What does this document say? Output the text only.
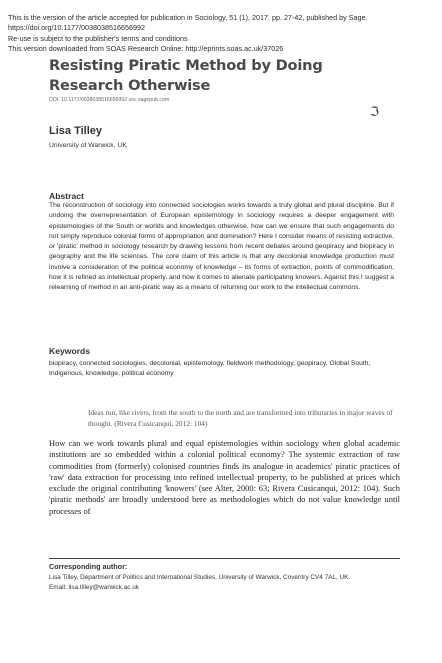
This is the version of the article accepted for publication in Sociology, 51 (1), 2017. pp. 27-42, published by Sage.
https://doi.org/10.1177/0038038516656992
Re-use is subject to the publisher's terms and conditions
This version downloaded from SOAS Research Online: http://eprints.soas.ac.uk/37026
Resisting Piratic Method by Doing Research Otherwise
DOI: 10.1177/0038038516656992 soc.sagepub.com
ℑ
Lisa Tilley
University of Warwick, UK
Abstract
The reconstruction of sociology into connected sociologies works towards a truly global and plural discipline. But if undoing the overrepresentation of European epistemology in sociology requires a deeper engagement with epistemologies of the South or worlds and knowledges otherwise, how can we ensure that such engagements do not simply reproduce colonial forms of appropriation and domination? Here I consider means of resisting extractive, or 'piratic' method in sociology research by drawing lessons from recent debates around geopiracy and biopiracy in geography and the life sciences. The core claim of this article is that any decolonial knowledge production must involve a consideration of the political economy of knowledge – its forms of extraction, points of commodification, how it is refined as intellectual property, and how it comes to alienate participating knowers. Against this I suggest a relearning of method in an anti-piratic way as a means of returning our work to the intellectual commons.
Keywords
biopiracy, connected sociologies, decolonial, epistemology, fieldwork methodology, geopiracy, Global South, Indigenous, knowledge, political economy
Ideas run, like rivers, from the south to the north and are transformed into tributaries in major waves of thought. (Rivera Cusicanqui, 2012: 104)
How can we work towards plural and equal epistemologies within sociology when global academic institutions are so embedded within a colonial political economy? The systemic extraction of raw commodities from (formerly) colonised countries finds its analogue in academics' piratic practices of 'raw' data extraction for processing into refined intellectual property, to be published at prices which exclude the original contributing 'knowers' (see Alter, 2000: 63; Rivera Cusicanqui, 2012: 104). Such 'piratic methods' are broadly understood here as methodologies which do not value knowledge until processes of
Corresponding author:
Lisa Tilley, Department of Politics and International Studies, University of Warwick, Coventry CV4 7AL, UK.
Email: lisa.tilley@warwick.ac.uk
